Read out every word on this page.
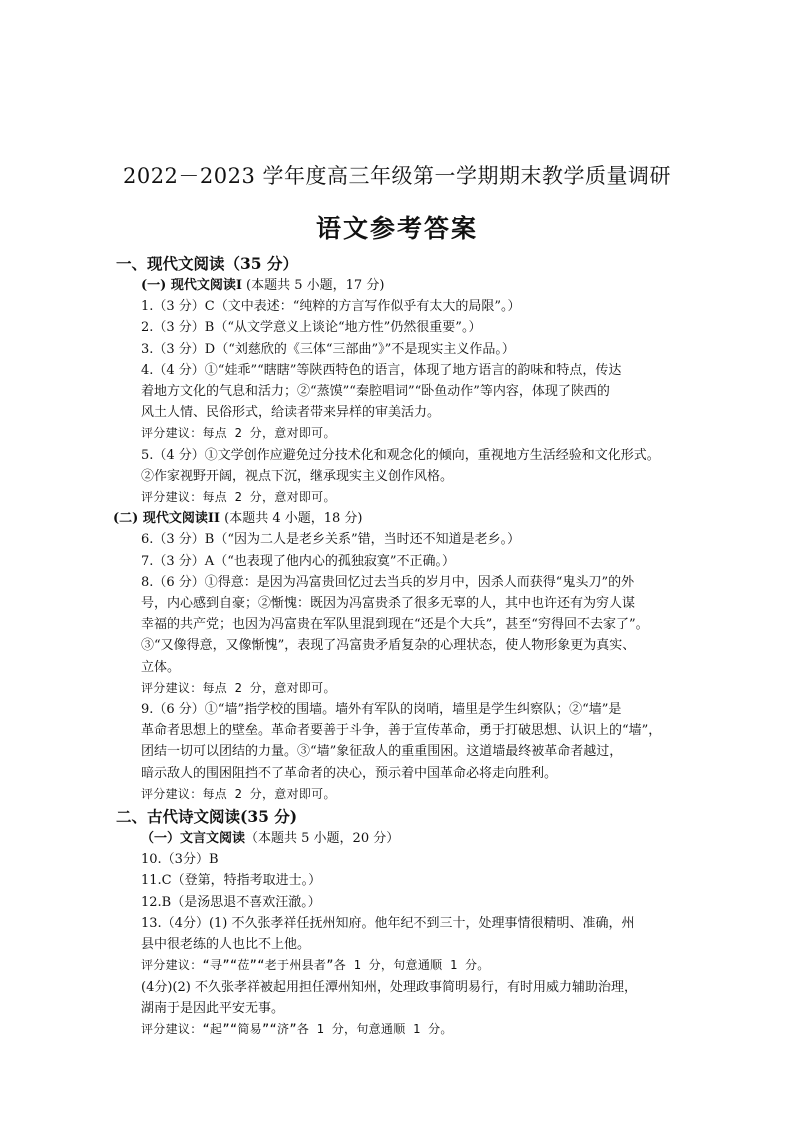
2022－2023 学年度高三年级第一学期期末教学质量调研
语文参考答案
一、现代文阅读（35 分）
(一) 现代文阅读Ⅰ (本题共 5 小题，17 分)
1.（3 分）C（文中表述：“纯粹的方言写作似乎有太大的局限”。）
2.（3 分）B（“从文学意义上谈论“地方性”仍然很重要”。）
3.（3 分）D（“刘慈欣的《三体“三部曲”》”不是现实主义作品。）
4.（4 分）①“娃乖”“瞎瞎”等陕西特色的语言，体现了地方语言的韵味和特点，传达
着地方文化的气息和活力；②“蒸馍”“秦腔唱词”“卧鱼动作”等内容，体现了陕西的
风土人情、民俗形式，给读者带来异样的审美活力。
评分建议：每点 2 分，意对即可。
5.（4 分）①文学创作应避免过分技术化和观念化的倾向，重视地方生活经验和文化形式。
②作家视野开阔，视点下沉，继承现实主义创作风格。
评分建议：每点 2 分，意对即可。
(二) 现代文阅读II (本题共 4 小题，18 分)
6.（3 分）B（“因为二人是老乡关系”错，当时还不知道是老乡。）
7.（3 分）A（“也表现了他内心的孤独寂寞”不正确。）
8.（6 分）①得意：是因为冯富贵回忆过去当兵的岁月中，因杀人而获得“鬼头刀”的外
号，内心感到自豪；②惭愧：既因为冯富贵杀了很多无辜的人，其中也许还有为穷人谋
幸福的共产党；也因为冯富贵在军队里混到现在“还是个大兵”，甚至“穷得回不去家了”。
③“又像得意，又像惭愧”，表现了冯富贵矛盾复杂的心理状态，使人物形象更为真实、
立体。
评分建议：每点 2 分，意对即可。
9.（6 分）①“墙”指学校的围墙。墙外有军队的岗哨，墙里是学生纠察队；②“墙”是
革命者思想上的壁垒。革命者要善于斗争，善于宣传革命，勇于打破思想、认识上的“墙”，
团结一切可以团结的力量。③“墙”象征敌人的重重围困。这道墙最终被革命者越过，
暗示敌人的围困阻挡不了革命者的决心，预示着中国革命必将走向胜利。
评分建议：每点 2 分，意对即可。
二、古代诗文阅读(35 分)
（一）文言文阅读（本题共 5 小题，20 分）
10.（3分）B
11.C（登第，特指考取进士。）
12.B（是汤思退不喜欢汪澈。）
13.（4分）(1) 不久张孝祥任抚州知府。他年纪不到三十，处理事情很精明、准确，州
县中很老练的人也比不上他。
评分建议：“寻”“莅”“老于州县者”各 1 分，句意通顺 1 分。
(4分)(2) 不久张孝祥被起用担任潭州知州，处理政事简明易行，有时用威力辅助治理，
湖南于是因此平安无事。
评分建议：“起”“简易”“济”各 1 分，句意通顺 1 分。
